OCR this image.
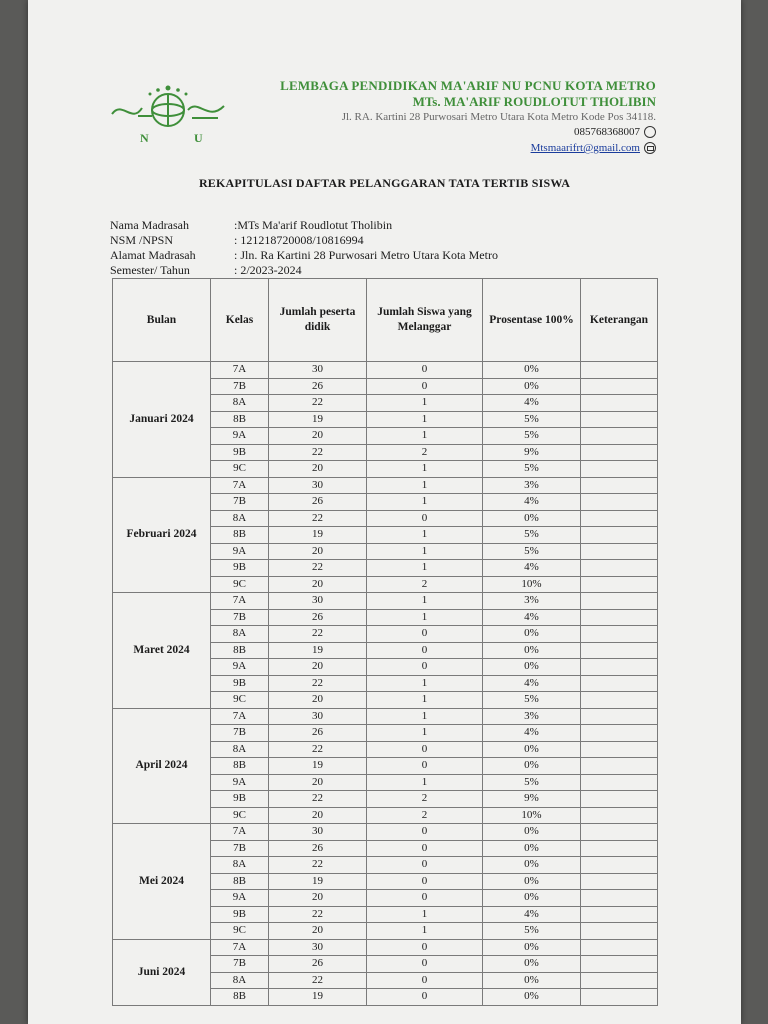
N	U
LEMBAGA PENDIDIKAN MA'ARIF NU PCNU KOTA METRO
MTs. MA'ARIF ROUDLOTUT THOLIBIN
Jl. RA. Kartini 28 Purwosari Metro Utara Kota Metro Kode Pos 34118.
085768368007
Mtsmaarifrt@gmail.com
REKAPITULASI DAFTAR PELANGGARAN TATA TERTIB SISWA
Nama Madrasah	:MTs Ma'arif Roudlotut Tholibin
NSM /NPSN	: 121218720008/10816994
Alamat Madrasah	: Jln. Ra Kartini 28 Purwosari Metro Utara Kota Metro
Semester/ Tahun	: 2/2023-2024
Bulan	Kelas	Jumlah peserta didik	Jumlah Siswa yang Melanggar	Prosentase 100%	Keterangan
Januari 2024	7A	30	0	0%	
	7B	26	0	0%	
	8A	22	1	4%	
	8B	19	1	5%	
	9A	20	1	5%	
	9B	22	2	9%	
	9C	20	1	5%	
Februari 2024	7A	30	1	3%	
	7B	26	1	4%	
	8A	22	0	0%	
	8B	19	1	5%	
	9A	20	1	5%	
	9B	22	1	4%	
	9C	20	2	10%	
Maret 2024	7A	30	1	3%	
	7B	26	1	4%	
	8A	22	0	0%	
	8B	19	0	0%	
	9A	20	0	0%	
	9B	22	1	4%	
	9C	20	1	5%	
April 2024	7A	30	1	3%	
	7B	26	1	4%	
	8A	22	0	0%	
	8B	19	0	0%	
	9A	20	1	5%	
	9B	22	2	9%	
	9C	20	2	10%	
Mei 2024	7A	30	0	0%	
	7B	26	0	0%	
	8A	22	0	0%	
	8B	19	0	0%	
	9A	20	0	0%	
	9B	22	1	4%	
	9C	20	1	5%	
Juni 2024	7A	30	0	0%	
	7B	26	0	0%	
	8A	22	0	0%	
	8B	19	0	0%	
